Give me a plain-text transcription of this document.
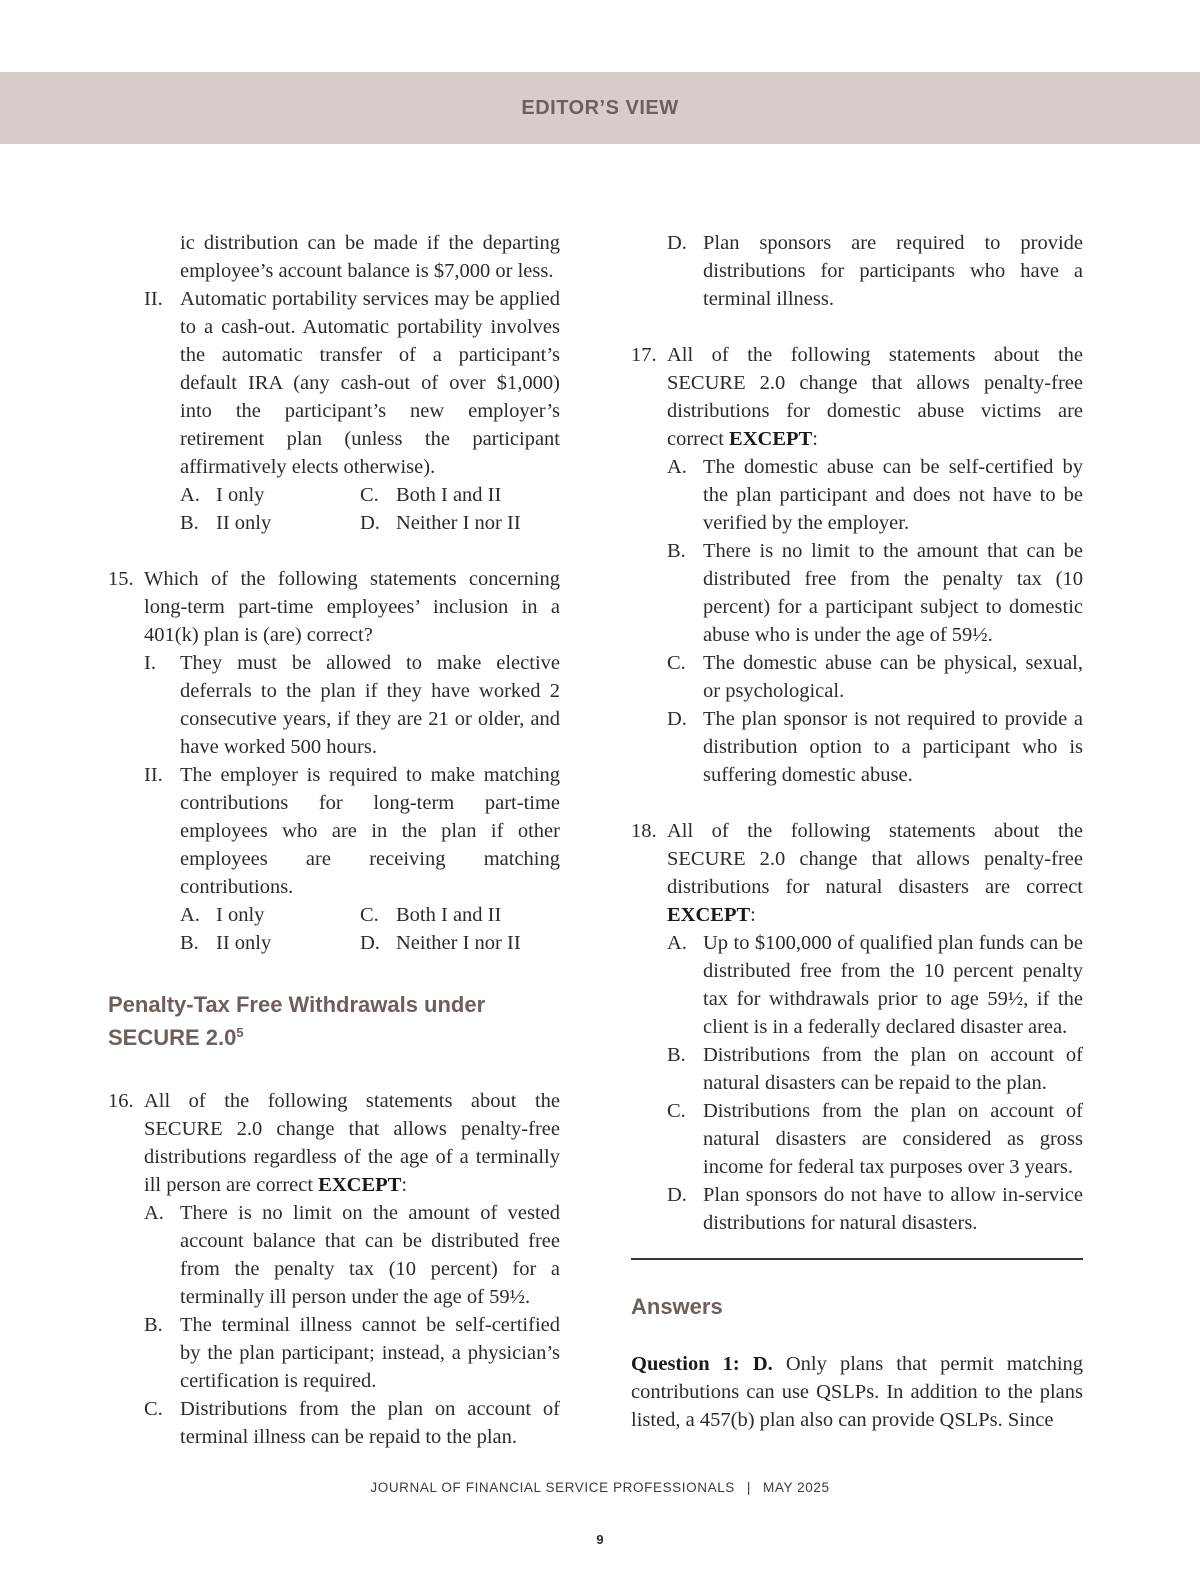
EDITOR’S VIEW
ic distribution can be made if the departing employee’s account balance is $7,000 or less.
II. Automatic portability services may be applied to a cash-out. Automatic portability involves the automatic transfer of a participant’s default IRA (any cash-out of over $1,000) into the participant’s new employer’s retirement plan (unless the participant affirmatively elects otherwise).
A. I only	C. Both I and II
B. II only	D. Neither I nor II
15. Which of the following statements concerning long-term part-time employees’ inclusion in a 401(k) plan is (are) correct?
I. They must be allowed to make elective deferrals to the plan if they have worked 2 consecutive years, if they are 21 or older, and have worked 500 hours.
II. The employer is required to make matching contributions for long-term part-time employees who are in the plan if other employees are receiving matching contributions.
A. I only	C. Both I and II
B. II only	D. Neither I nor II
Penalty-Tax Free Withdrawals under SECURE $2.0^5$
16. All of the following statements about the SECURE 2.0 change that allows penalty-free distributions regardless of the age of a terminally ill person are correct EXCEPT:
A. There is no limit on the amount of vested account balance that can be distributed free from the penalty tax (10 percent) for a terminally ill person under the age of 59½.
B. The terminal illness cannot be self-certified by the plan participant; instead, a physician’s certification is required.
C. Distributions from the plan on account of terminal illness can be repaid to the plan.
D. Plan sponsors are required to provide distributions for participants who have a terminal illness.
17. All of the following statements about the SECURE 2.0 change that allows penalty-free distributions for domestic abuse victims are correct EXCEPT:
A. The domestic abuse can be self-certified by the plan participant and does not have to be verified by the employer.
B. There is no limit to the amount that can be distributed free from the penalty tax (10 percent) for a participant subject to domestic abuse who is under the age of 59½.
C. The domestic abuse can be physical, sexual, or psychological.
D. The plan sponsor is not required to provide a distribution option to a participant who is suffering domestic abuse.
18. All of the following statements about the SECURE 2.0 change that allows penalty-free distributions for natural disasters are correct EXCEPT:
A. Up to $100,000 of qualified plan funds can be distributed free from the 10 percent penalty tax for withdrawals prior to age 59½, if the client is in a federally declared disaster area.
B. Distributions from the plan on account of natural disasters can be repaid to the plan.
C. Distributions from the plan on account of natural disasters are considered as gross income for federal tax purposes over 3 years.
D. Plan sponsors do not have to allow in-service distributions for natural disasters.
Answers
Question 1: D. Only plans that permit matching contributions can use QSLPs. In addition to the plans listed, a 457(b) plan also can provide QSLPs. Since
JOURNAL OF FINANCIAL SERVICE PROFESSIONALS | MAY 2025
9
